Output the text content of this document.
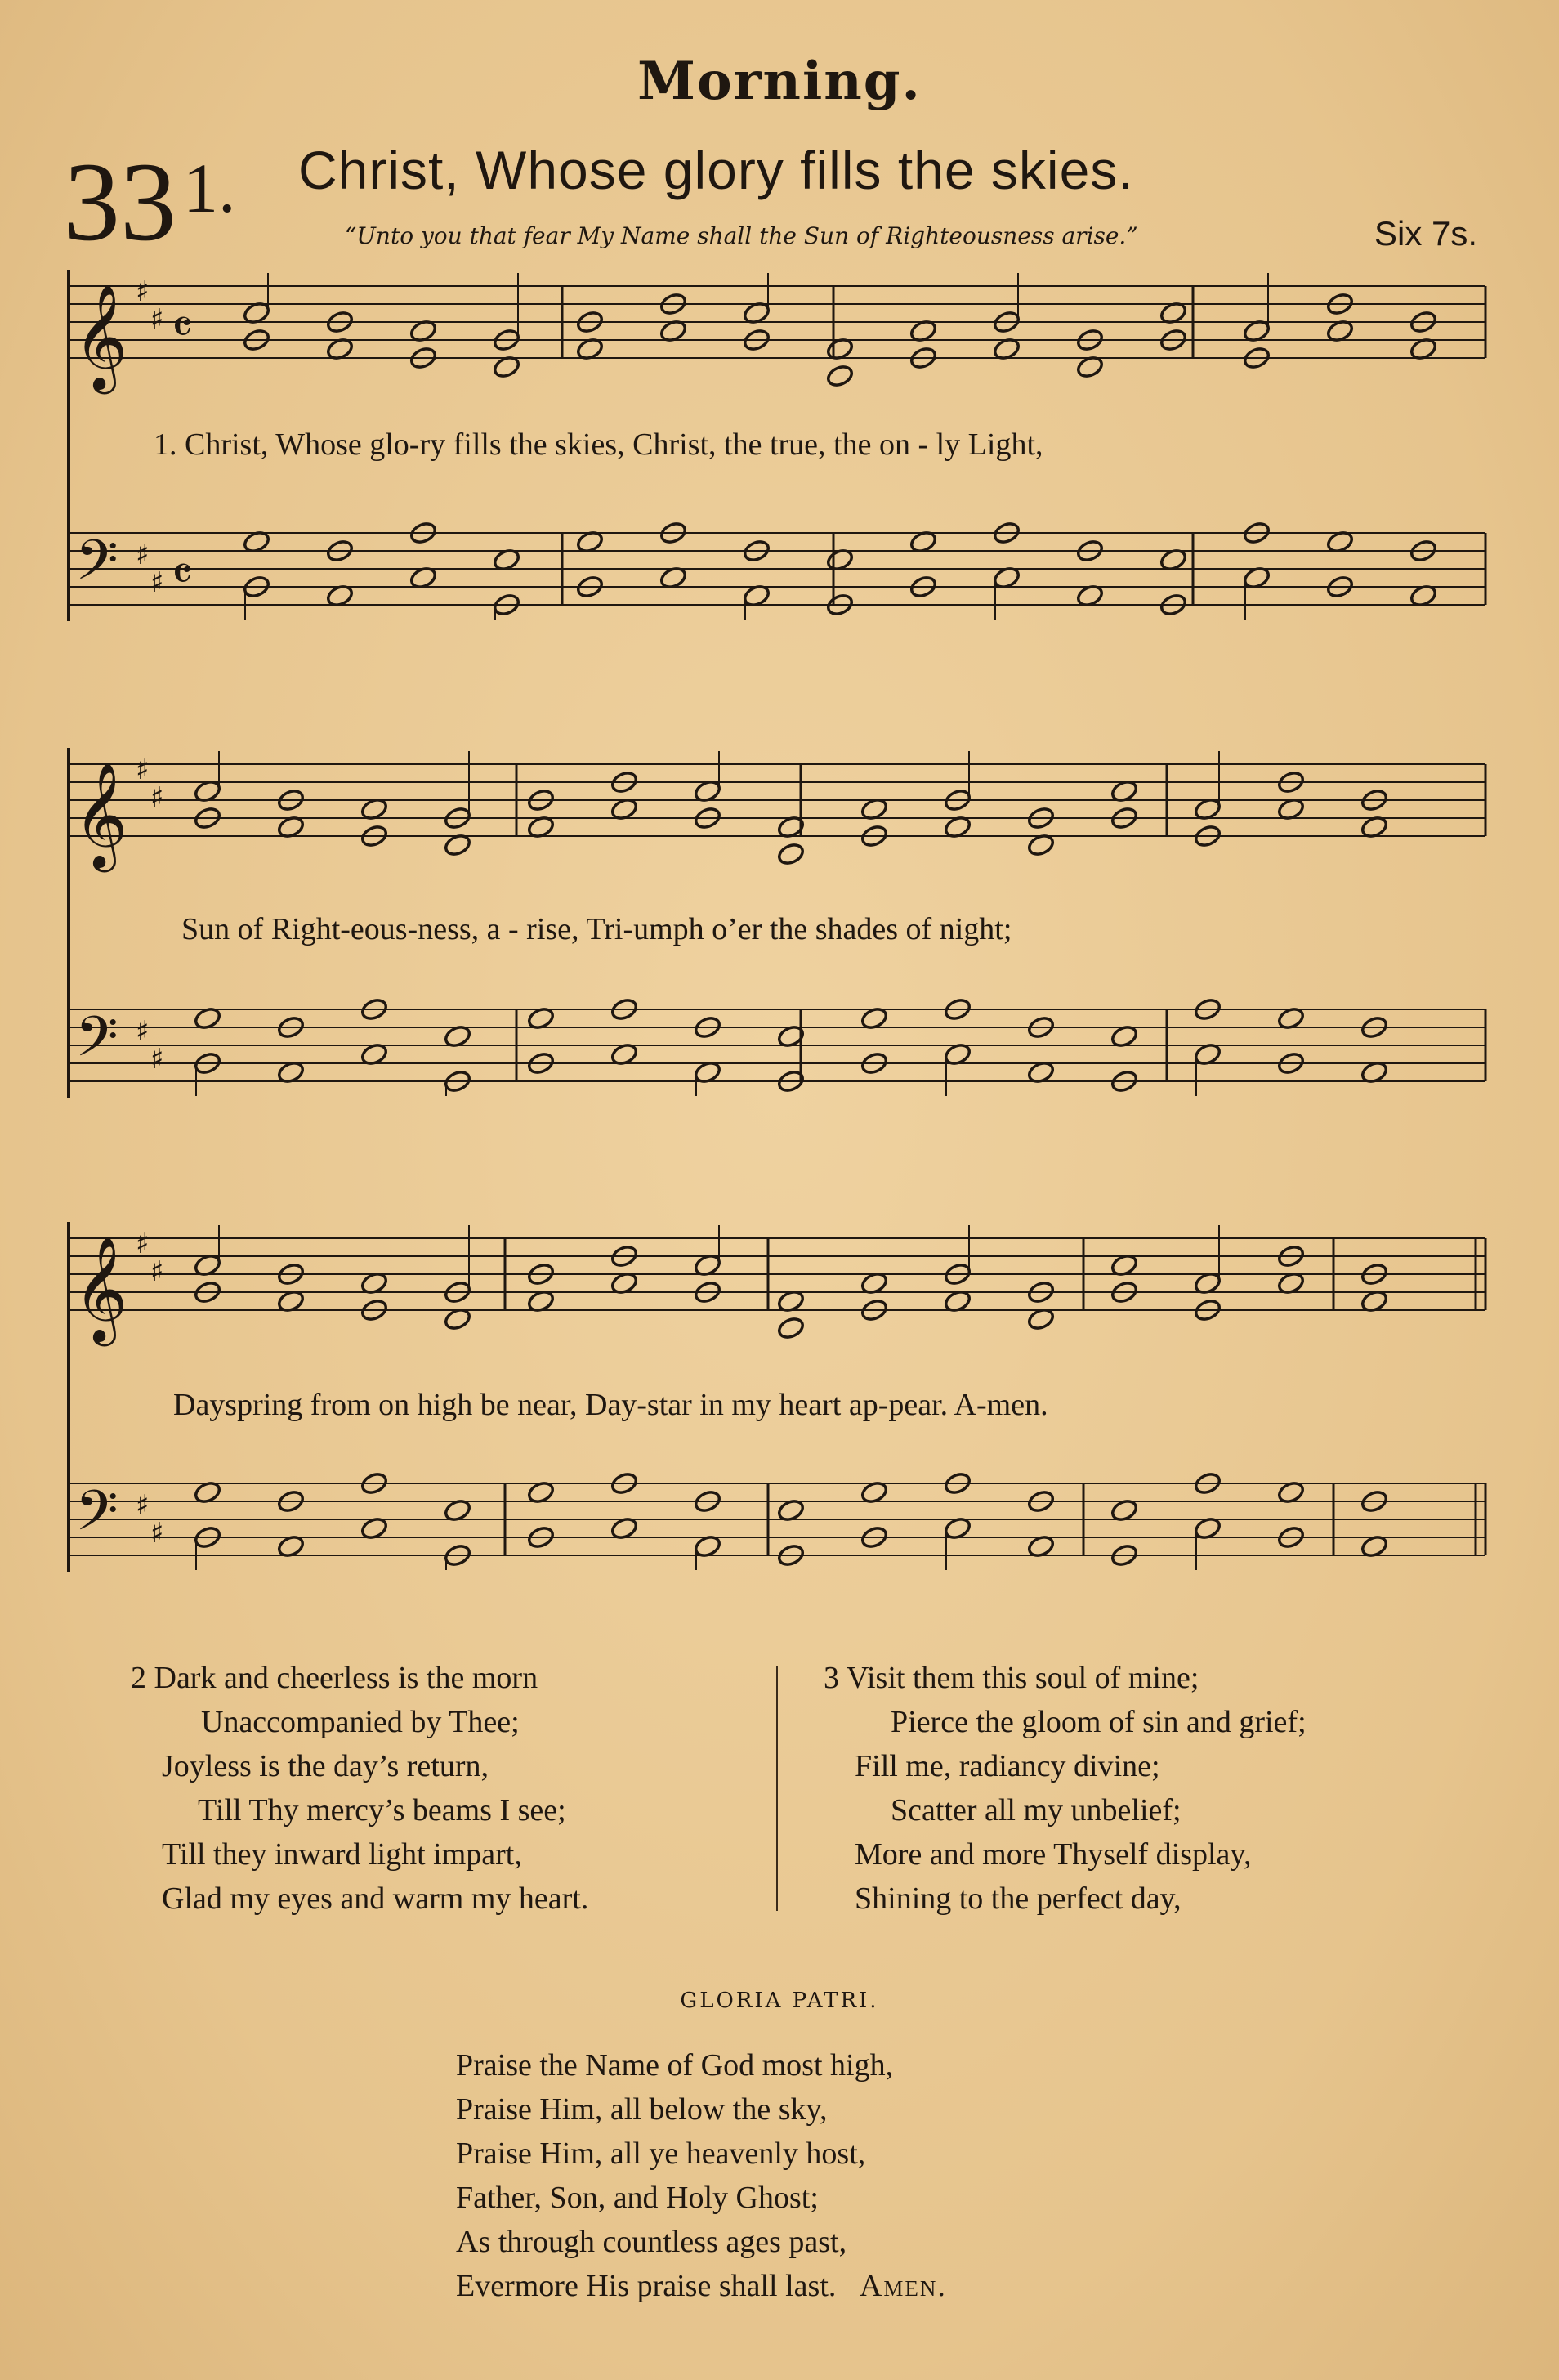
Morning.
$33^{1.}$ Christ, Whose glory fills the skies.
“Unto you that fear My Name shall the Sun of Righteousness arise.”	Six 7s.
𝄞 ♯
♯
𝄢 ♯
♯
𝄴
𝄴
𝄞 ♯
♯
𝄢 ♯
♯
𝄞 ♯
♯
𝄢 ♯
♯
1. Christ, Whose glo-ry fills the skies, Christ, the true, the on - ly Light,
Sun of Right-eous-ness, a - rise, Tri-umph o’er the shades of night;
Dayspring from on high be near, Day-star in my heart ap-pear. A-men.
2 Dark and cheerless is the morn
Unaccompanied by Thee;
Joyless is the day’s return,
Till Thy mercy’s beams I see;
Till they inward light impart,
Glad my eyes and warm my heart.
3 Visit them this soul of mine;
Pierce the gloom of sin and grief;
Fill me, radiancy divine;
Scatter all my unbelief;
More and more Thyself display,
Shining to the perfect day,
GLORIA PATRI.
Praise the Name of God most high,
Praise Him, all below the sky,
Praise Him, all ye heavenly host,
Father, Son, and Holy Ghost;
As through countless ages past,
Evermore His praise shall last. Amen.
